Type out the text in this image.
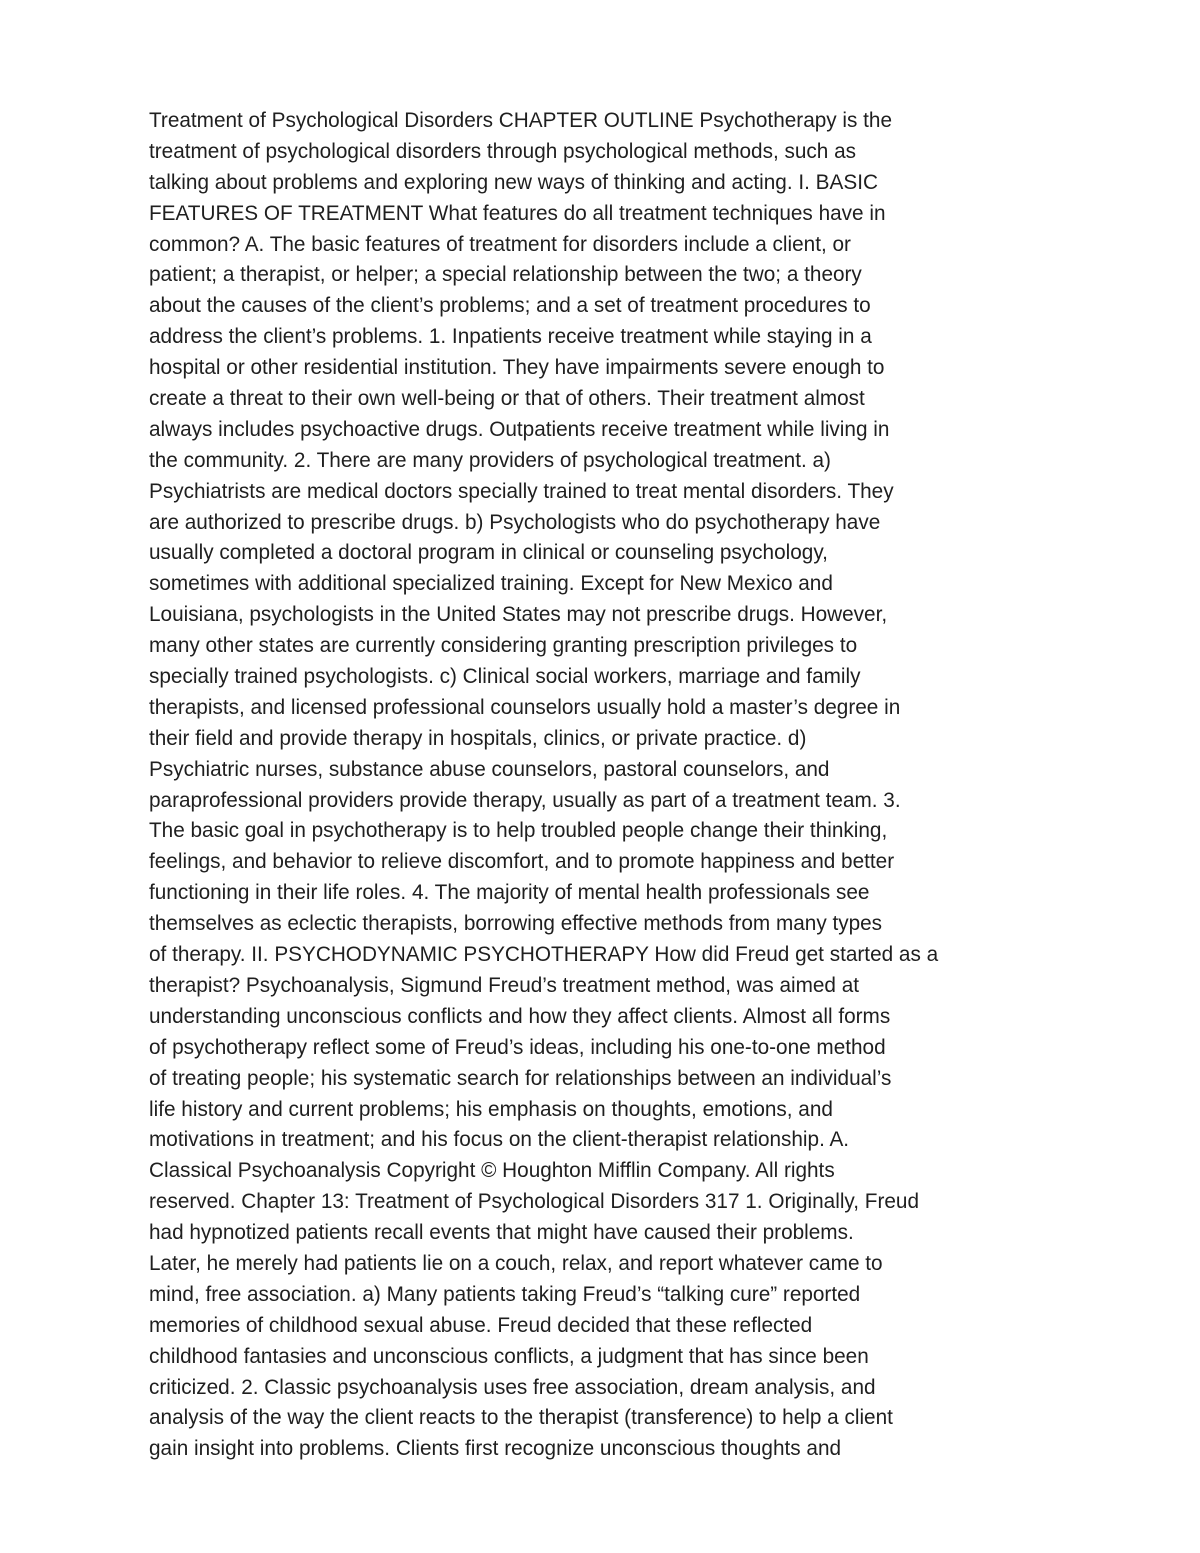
Treatment of Psychological Disorders CHAPTER OUTLINE Psychotherapy is the
treatment of psychological disorders through psychological methods, such as
talking about problems and exploring new ways of thinking and acting. I. BASIC
FEATURES OF TREATMENT What features do all treatment techniques have in
common? A. The basic features of treatment for disorders include a client, or
patient; a therapist, or helper; a special relationship between the two; a theory
about the causes of the client’s problems; and a set of treatment procedures to
address the client’s problems. 1. Inpatients receive treatment while staying in a
hospital or other residential institution. They have impairments severe enough to
create a threat to their own well-being or that of others. Their treatment almost
always includes psychoactive drugs. Outpatients receive treatment while living in
the community. 2. There are many providers of psychological treatment. a)
Psychiatrists are medical doctors specially trained to treat mental disorders. They
are authorized to prescribe drugs. b) Psychologists who do psychotherapy have
usually completed a doctoral program in clinical or counseling psychology,
sometimes with additional specialized training. Except for New Mexico and
Louisiana, psychologists in the United States may not prescribe drugs. However,
many other states are currently considering granting prescription privileges to
specially trained psychologists. c) Clinical social workers, marriage and family
therapists, and licensed professional counselors usually hold a master’s degree in
their field and provide therapy in hospitals, clinics, or private practice. d)
Psychiatric nurses, substance abuse counselors, pastoral counselors, and
paraprofessional providers provide therapy, usually as part of a treatment team. 3.
The basic goal in psychotherapy is to help troubled people change their thinking,
feelings, and behavior to relieve discomfort, and to promote happiness and better
functioning in their life roles. 4. The majority of mental health professionals see
themselves as eclectic therapists, borrowing effective methods from many types
of therapy. II. PSYCHODYNAMIC PSYCHOTHERAPY How did Freud get started as a
therapist? Psychoanalysis, Sigmund Freud’s treatment method, was aimed at
understanding unconscious conflicts and how they affect clients. Almost all forms
of psychotherapy reflect some of Freud’s ideas, including his one-to-one method
of treating people; his systematic search for relationships between an individual’s
life history and current problems; his emphasis on thoughts, emotions, and
motivations in treatment; and his focus on the client-therapist relationship. A.
Classical Psychoanalysis Copyright © Houghton Mifflin Company. All rights
reserved. Chapter 13: Treatment of Psychological Disorders 317 1. Originally, Freud
had hypnotized patients recall events that might have caused their problems.
Later, he merely had patients lie on a couch, relax, and report whatever came to
mind, free association. a) Many patients taking Freud’s “talking cure” reported
memories of childhood sexual abuse. Freud decided that these reflected
childhood fantasies and unconscious conflicts, a judgment that has since been
criticized. 2. Classic psychoanalysis uses free association, dream analysis, and
analysis of the way the client reacts to the therapist (transference) to help a client
gain insight into problems. Clients first recognize unconscious thoughts and
